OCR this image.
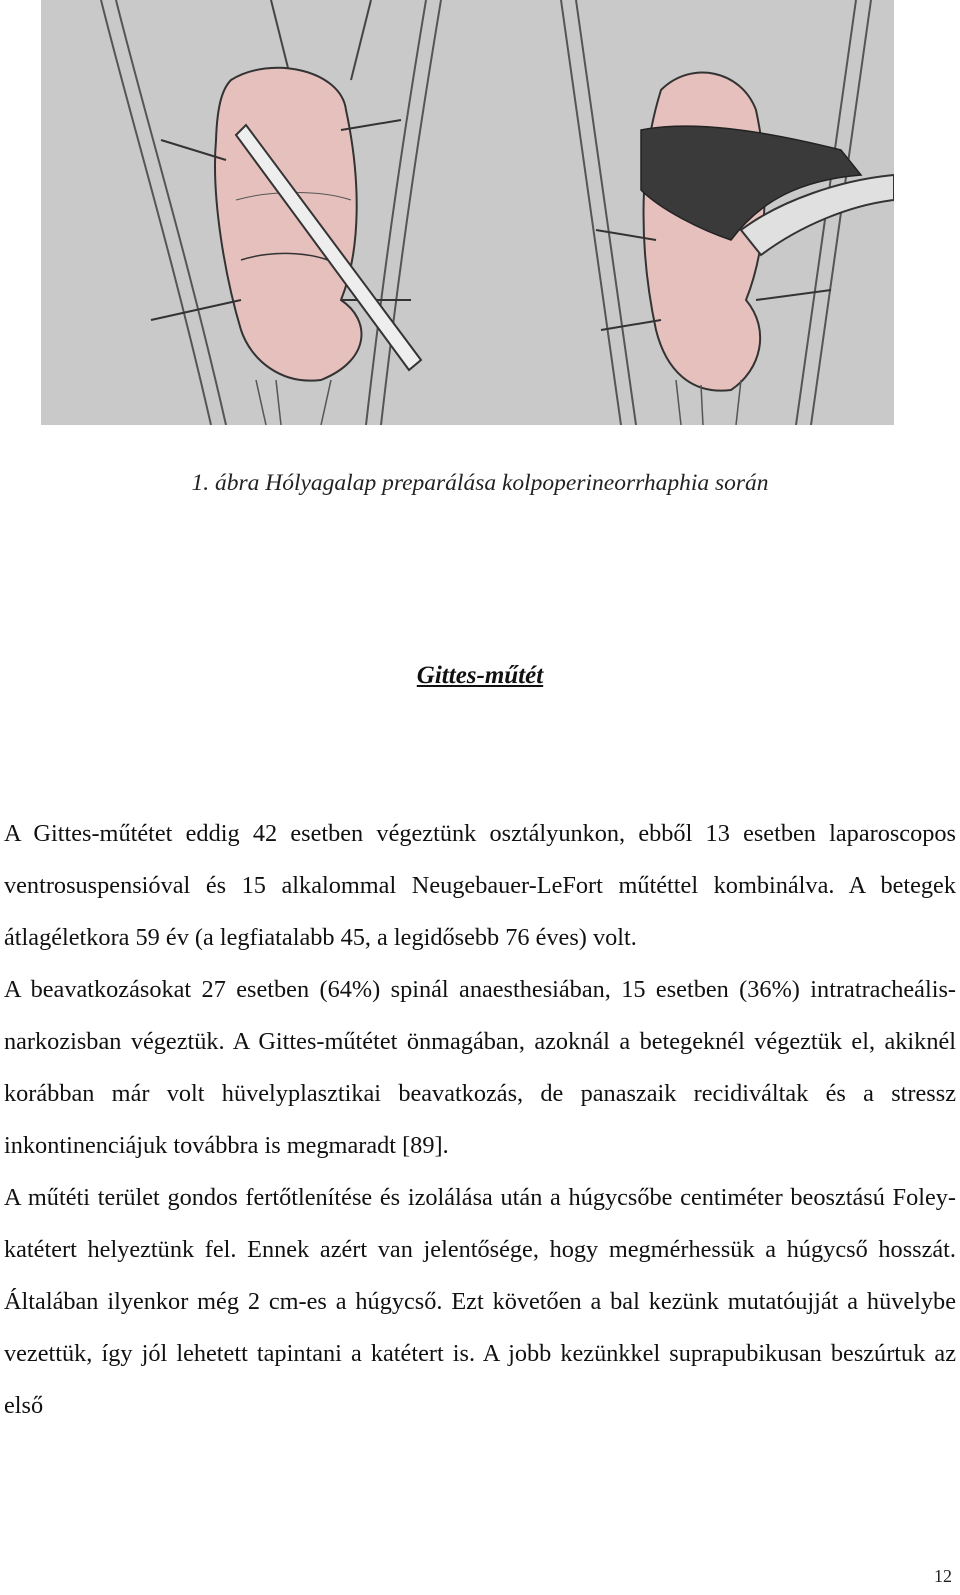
1. ábra Hólyagalap preparálása kolpoperineorrhaphia során
Gittes-műtét

A Gittes-műtétet eddig 42 esetben végeztünk osztályunkon, ebből 13 esetben laparoscopos ventrosuspensióval és 15 alkalommal Neugebauer-LeFort műtéttel kombinálva. A betegek átlagéletkora 59 év (a legfiatalabb 45, a legidősebb 76 éves) volt.

A beavatkozásokat 27 esetben (64%) spinál anaesthesiában, 15 esetben (36%) intratracheális-narkozisban végeztük. A Gittes-műtétet önmagában, azoknál a betegeknél végeztük el, akiknél korábban már volt hüvelyplasztikai beavatkozás, de panaszaik recidiváltak és a stressz inkontinenciájuk továbbra is megmaradt [89].

A műtéti terület gondos fertőtlenítése és izolálása után a húgycsőbe centiméter beosztású Foley-katétert helyeztünk fel. Ennek azért van jelentősége, hogy megmérhessük a húgycső hosszát. Általában ilyenkor még 2 cm-es a húgycső. Ezt követően a bal kezünk mutatóujját a hüvelybe vezettük, így jól lehetett tapintani a katétert is. A jobb kezünkkel suprapubikusan beszúrtuk az első

12
